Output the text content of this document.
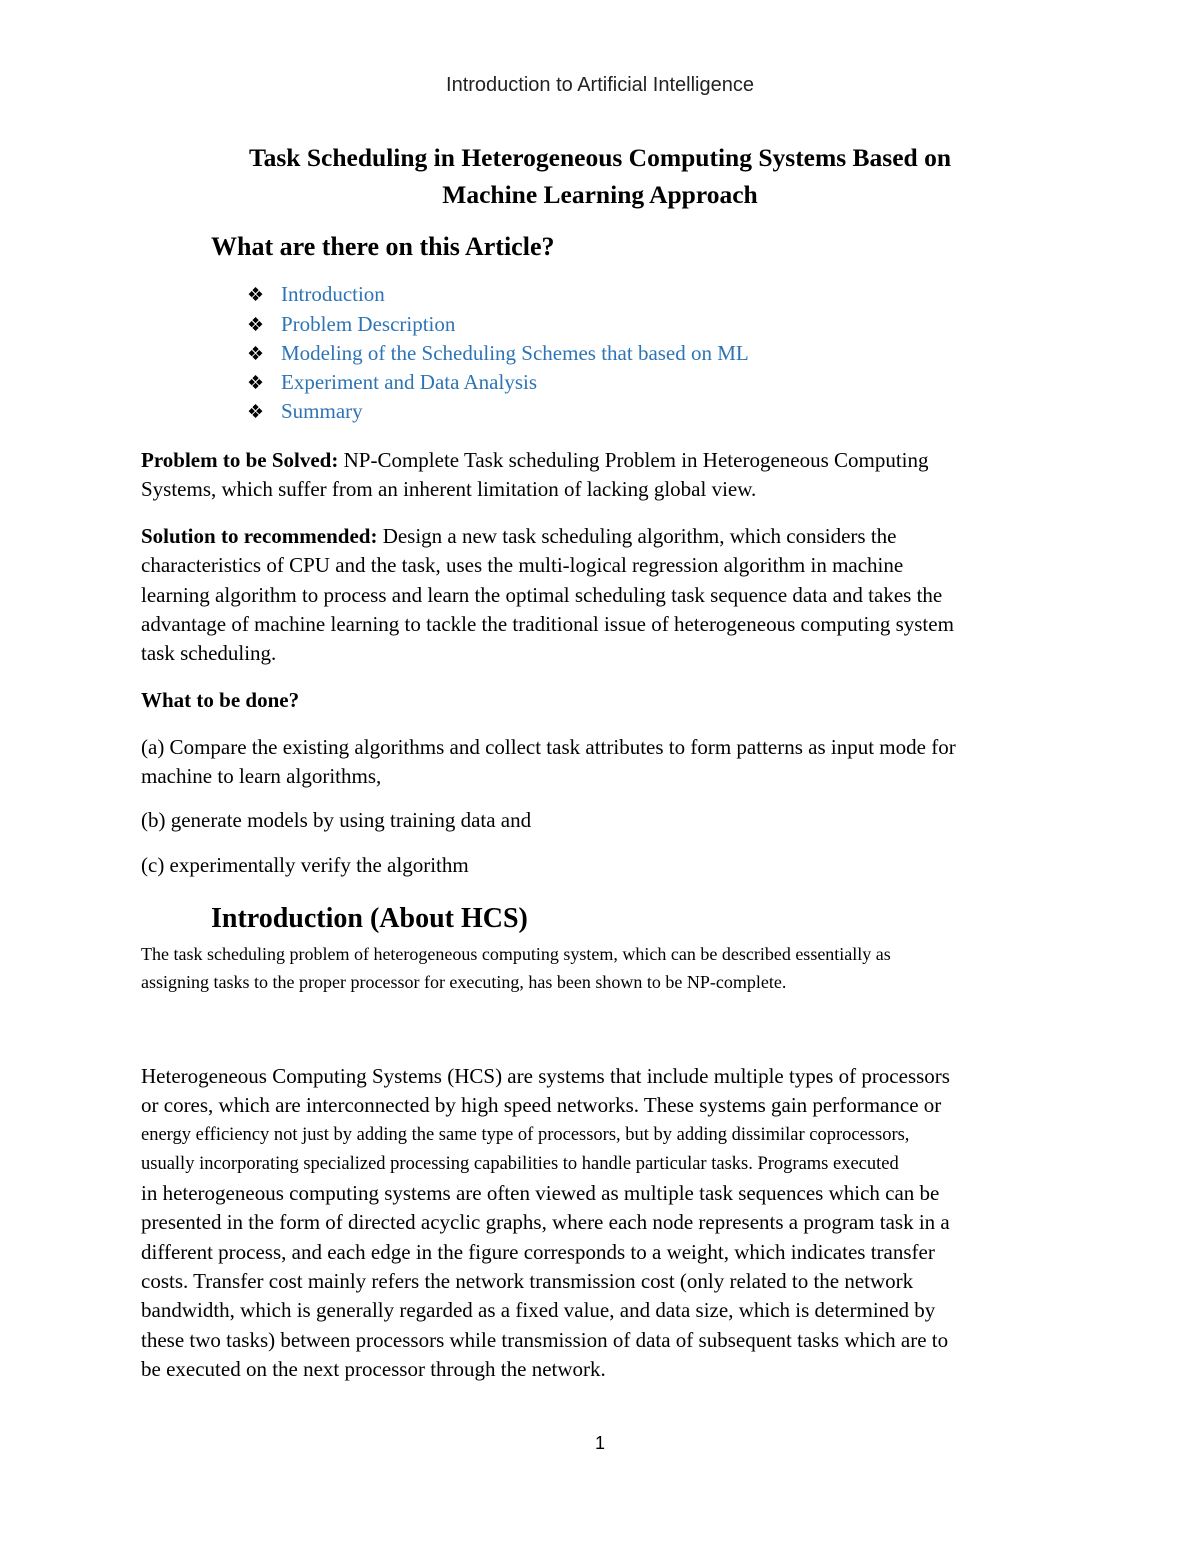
Introduction to Artificial Intelligence

Task Scheduling in Heterogeneous Computing Systems Based on

Machine Learning Approach

What are there on this Article?

❖ Introduction
❖ Problem Description
❖ Modeling of the Scheduling Schemes that based on ML
❖ Experiment and Data Analysis
❖ Summary
Problem to be Solved: NP-Complete Task scheduling Problem in Heterogeneous Computing
Systems, which suffer from an inherent limitation of lacking global view.
Solution to recommended: Design a new task scheduling algorithm, which considers the
characteristics of CPU and the task, uses the multi-logical regression algorithm in machine
learning algorithm to process and learn the optimal scheduling task sequence data and takes the
advantage of machine learning to tackle the traditional issue of heterogeneous computing system
task scheduling.

What to be done?

(a) Compare the existing algorithms and collect task attributes to form patterns as input mode for
machine to learn algorithms,
(b) generate models by using training data and
(c) experimentally verify the algorithm

Introduction (About HCS)

The task scheduling problem of heterogeneous computing system, which can be described essentially as
assigning tasks to the proper processor for executing, has been shown to be NP-complete.
Heterogeneous Computing Systems (HCS) are systems that include multiple types of processors
or cores, which are interconnected by high speed networks. These systems gain performance or
energy efficiency not just by adding the same type of processors, but by adding dissimilar coprocessors,
usually incorporating specialized processing capabilities to handle particular tasks. Programs executed
in heterogeneous computing systems are often viewed as multiple task sequences which can be
presented in the form of directed acyclic graphs, where each node represents a program task in a
different process, and each edge in the figure corresponds to a weight, which indicates transfer
costs. Transfer cost mainly refers the network transmission cost (only related to the network
bandwidth, which is generally regarded as a fixed value, and data size, which is determined by
these two tasks) between processors while transmission of data of subsequent tasks which are to
be executed on the next processor through the network.

1
